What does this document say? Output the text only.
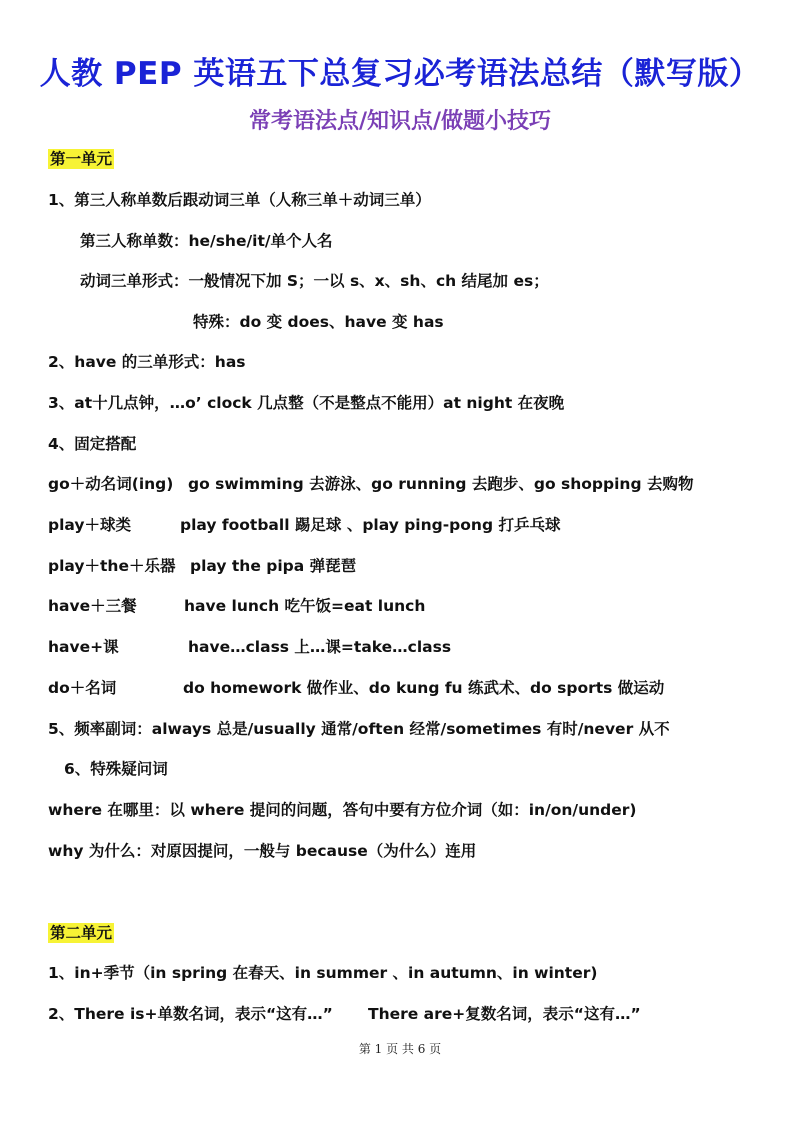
人教 PEP 英语五下总复习必考语法总结（默写版）
常考语法点/知识点/做题小技巧
第一单元
1、第三人称单数后跟动词三单（人称三单＋动词三单）
第三人称单数：he/she/it/单个人名
动词三单形式：一般情况下加 S；一以 s、x、sh、ch 结尾加 es；
特殊：do 变 does、have 变 has
2、have 的三单形式：has
3、at十几点钟，…o’ clock 几点整（不是整点不能用）at night 在夜晚
4、固定搭配
go＋动名词(ing) go swimming 去游泳、go running 去跑步、go shopping 去购物
play＋球类	play football 踢足球 、play ping-pong 打乒乓球
play＋the＋乐器 play the pipa 弹琵琶
have＋三餐	have lunch 吃午饭=eat lunch
have+课	have…class 上…课=take…class
do＋名词	do homework 做作业、do kung fu 练武术、do sports 做运动
5、频率副词：always 总是/usually 通常/often 经常/sometimes 有时/never 从不
6、特殊疑问词
where 在哪里：以 where 提问的问题，答句中要有方位介词（如：in/on/under)
why 为什么：对原因提问，一般与 because（为什么）连用
第二单元
1、in+季节（in spring 在春天、in summer 、in autumn、in winter)
2、There is+单数名词，表示“这有…” There are+复数名词，表示“这有…”
第 1 页 共 6 页
